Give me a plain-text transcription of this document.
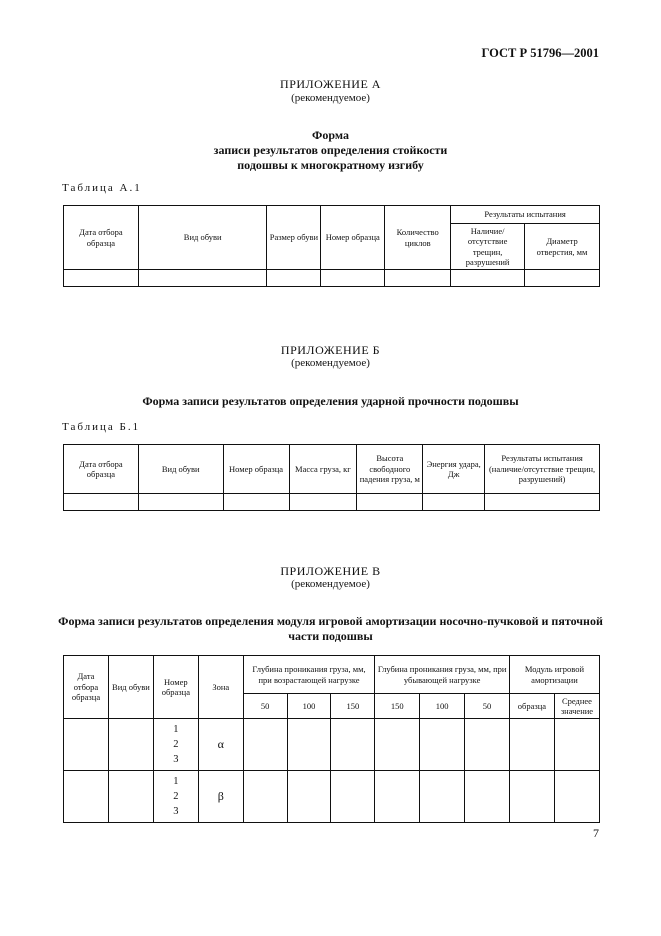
ГОСТ Р 51796—2001
ПРИЛОЖЕНИЕ А
(рекомендуемое)
Форма
записи результатов определения стойкости
подошвы к многократному изгибу
Таблица А.1
Дата отбора образца	Вид обуви	Размер обуви	Номер образца	Количество циклов	Результаты испытания	
					Наличие/ отсутствие трещин, разрушений	Диаметр отверстия, мм

ПРИЛОЖЕНИЕ Б
(рекомендуемое)
Форма записи результатов определения ударной прочности подошвы
Таблица Б.1
Дата отбора образца	Вид обуви	Номер образца	Масса груза, кг	Высота свободного падения груза, м	Энергия удара, Дж	Результаты испытания (наличие/отсутствие трещин, разрушений)

ПРИЛОЖЕНИЕ В
(рекомендуемое)
Форма записи результатов определения модуля игровой амортизации носочно-пучковой и пяточной
части подошвы
Дата отбора образца	Вид обуви	Номер образца	Зона	Глубина проникания груза, мм, при возрастающей нагрузке			Глубина проникания груза, мм, при убывающей нагрузке			Модуль игровой амортизации	
				50	100	150	150	100	50	образца	Среднее значение

		1
2
3	α								

		1
2
3	β								
7
